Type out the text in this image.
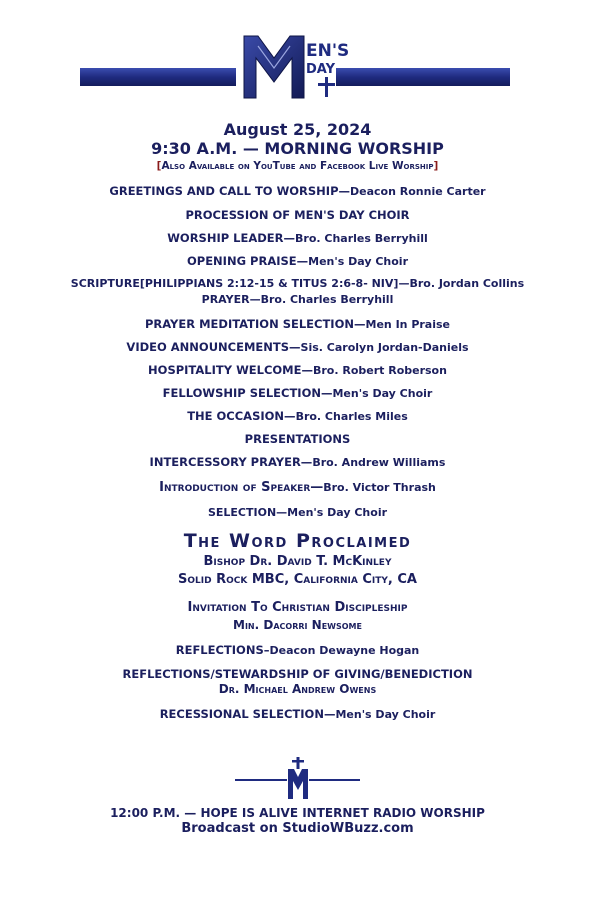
EN'S
DAY
August 25, 2024
9:30 A.M. — MORNING WORSHIP
[Also Available on YouTube and Facebook Live Worship]
GREETINGS AND CALL TO WORSHIP—Deacon Ronnie Carter
PROCESSION OF MEN'S DAY CHOIR
WORSHIP LEADER—Bro. Charles Berryhill
OPENING PRAISE—Men's Day Choir
SCRIPTURE[PHILIPPIANS 2:12-15 & TITUS 2:6-8- NIV]—Bro. Jordan Collins
PRAYER—Bro. Charles Berryhill
PRAYER MEDITATION SELECTION—Men In Praise
VIDEO ANNOUNCEMENTS—Sis. Carolyn Jordan-Daniels
HOSPITALITY WELCOME—Bro. Robert Roberson
FELLOWSHIP SELECTION—Men's Day Choir
THE OCCASION—Bro. Charles Miles
PRESENTATIONS
INTERCESSORY PRAYER—Bro. Andrew Williams
Introduction of Speaker—Bro. Victor Thrash
SELECTION—Men's Day Choir
The Word Proclaimed
Bishop Dr. David T. McKinley
Solid Rock MBC, California City, CA
Invitation To Christian Discipleship
Min. Dacorri Newsome
REFLECTIONS–Deacon Dewayne Hogan
REFLECTIONS/STEWARDSHIP OF GIVING/BENEDICTION
Dr. Michael Andrew Owens
RECESSIONAL SELECTION—Men's Day Choir
12:00 P.M. — HOPE IS ALIVE INTERNET RADIO WORSHIP
Broadcast on StudioWBuzz.com
